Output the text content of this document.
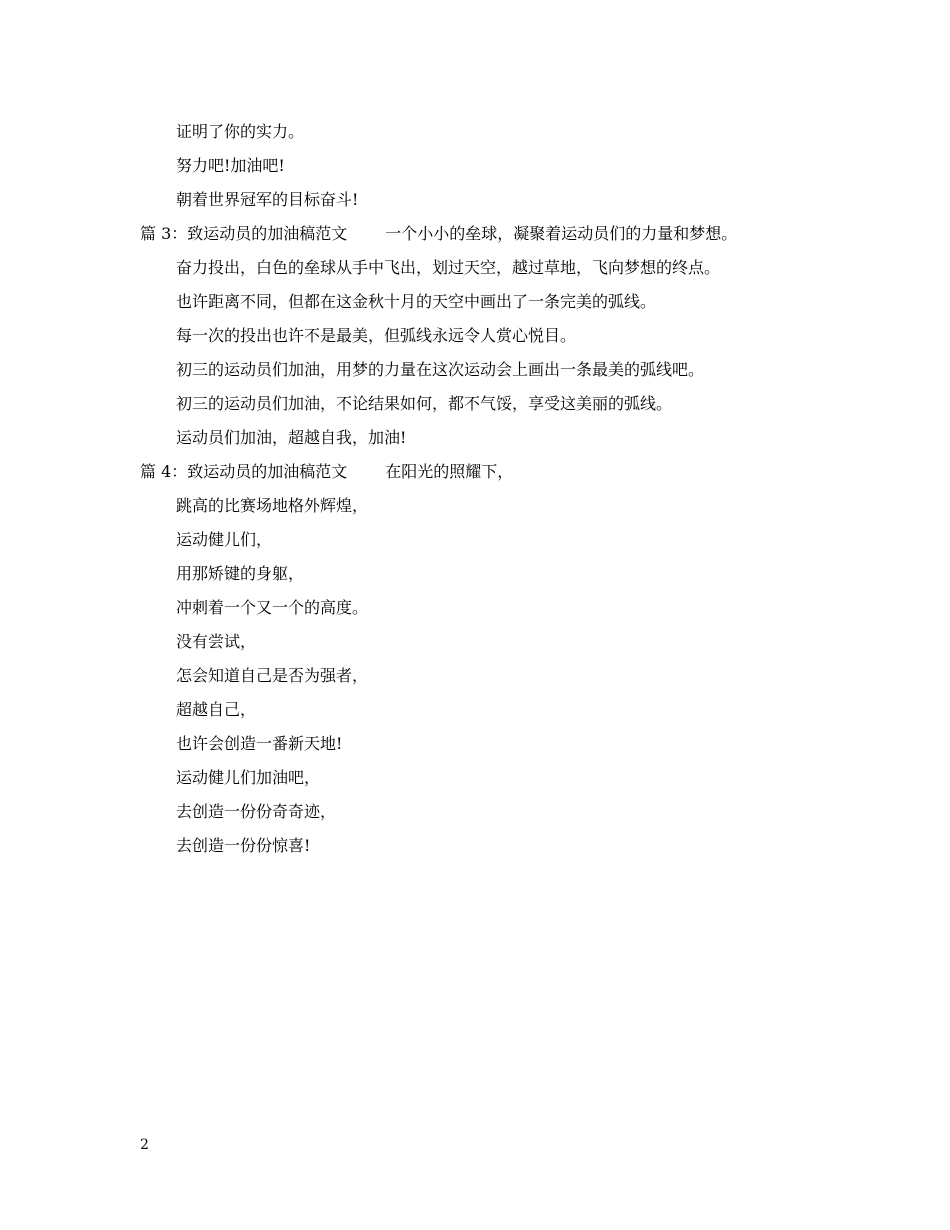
证明了你的实力。
努力吧!加油吧!
朝着世界冠军的目标奋斗!
篇 3：致运动员的加油稿范文 一个小小的垒球，凝聚着运动员们的力量和梦想。
奋力投出，白色的垒球从手中飞出，划过天空，越过草地，飞向梦想的终点。
也许距离不同，但都在这金秋十月的天空中画出了一条完美的弧线。
每一次的投出也许不是最美，但弧线永远令人赏心悦目。
初三的运动员们加油，用梦的力量在这次运动会上画出一条最美的弧线吧。
初三的运动员们加油，不论结果如何，都不气馁，享受这美丽的弧线。
运动员们加油，超越自我，加油!
篇 4：致运动员的加油稿范文 在阳光的照耀下，
跳高的比赛场地格外辉煌，
运动健儿们，
用那矫键的身躯，
冲刺着一个又一个的高度。
没有尝试，
怎会知道自己是否为强者，
超越自己，
也许会创造一番新天地!
运动健儿们加油吧，
去创造一份份奇奇迹，
去创造一份份惊喜!
2
